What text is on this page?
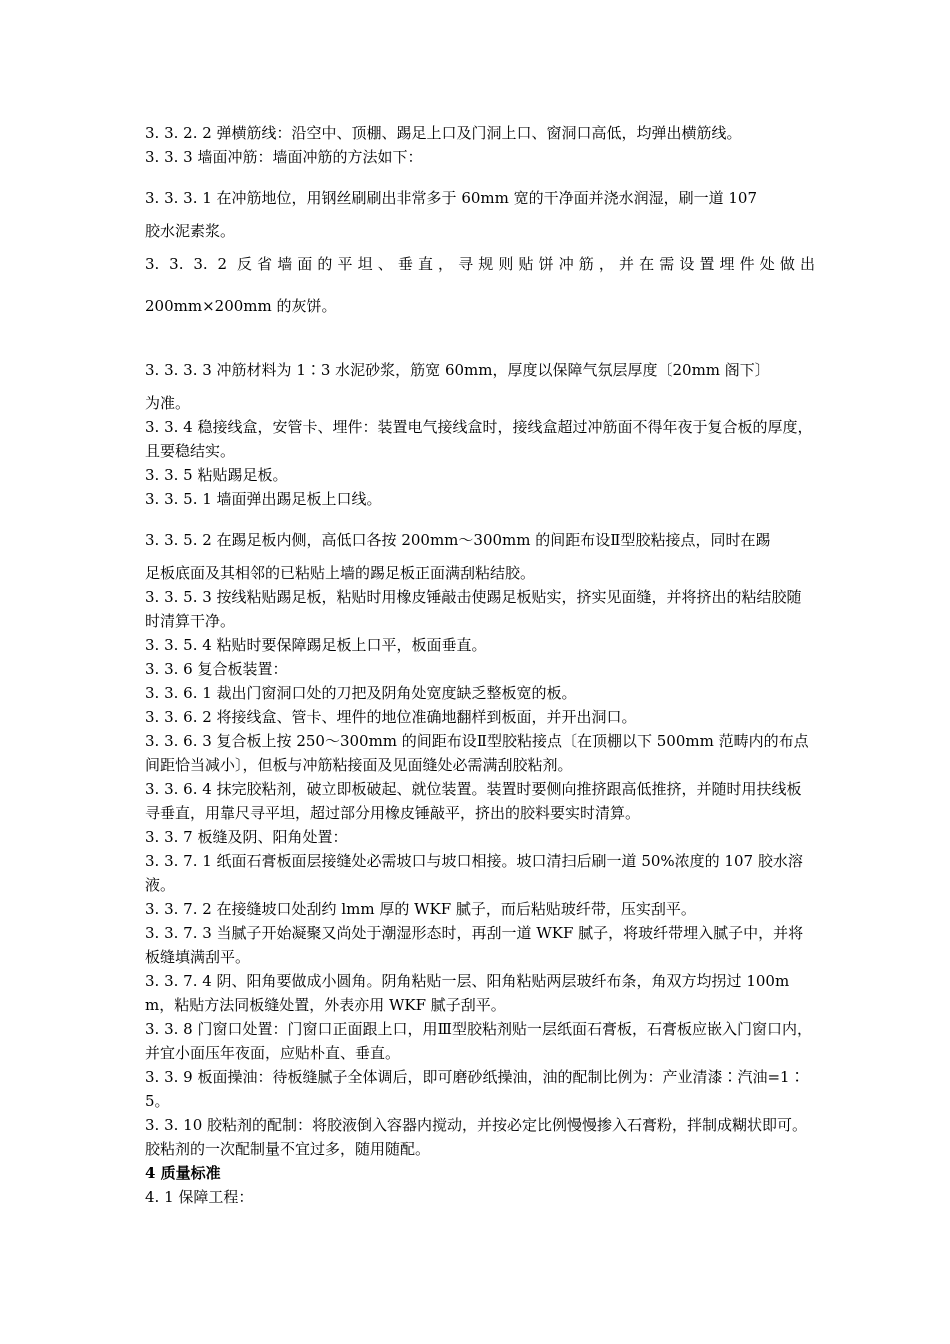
3. 3. 2. 2 弹横筋线：沿空中、顶棚、踢足上口及门洞上口、窗洞口高低，均弹出横筋线。

3. 3. 3 墙面冲筋：墙面冲筋的方法如下：

3. 3. 3. 1 在冲筋地位，用钢丝刷刷出非常多于 60mm 宽的干净面并浇水润湿，刷一道 107

胶水泥素浆。

3. 3. 3. 2 反省墙面的平坦、垂直，寻规则贴饼冲筋，并在需设置埋件处做出

200mm×200mm 的灰饼。

3. 3. 3. 3 冲筋材料为 1∶3 水泥砂浆，筋宽 60mm，厚度以保障气氛层厚度〔20mm 阁下〕

为准。

3. 3. 4 稳接线盒，安管卡、埋件：装置电气接线盒时，接线盒超过冲筋面不得年夜于复合板的厚度，且要稳结实。

3. 3. 5 粘贴踢足板。

3. 3. 5. 1 墙面弹出踢足板上口线。

3. 3. 5. 2 在踢足板内侧，高低口各按 200mm～300mm 的间距布设Ⅱ型胶粘接点，同时在踢

足板底面及其相邻的已粘贴上墙的踢足板正面满刮粘结胶。

3. 3. 5. 3 按线粘贴踢足板，粘贴时用橡皮锤敲击使踢足板贴实，挤实见面缝，并将挤出的粘结胶随时清算干净。

3. 3. 5. 4 粘贴时要保障踢足板上口平，板面垂直。

3. 3. 6 复合板装置：

3. 3. 6. 1 裁出门窗洞口处的刀把及阴角处宽度缺乏整板宽的板。

3. 3. 6. 2 将接线盒、管卡、埋件的地位准确地翻样到板面，并开出洞口。

3. 3. 6. 3 复合板上按 250～300mm 的间距布设Ⅱ型胶粘接点〔在顶棚以下 500mm 范畴内的布点间距恰当减小〕，但板与冲筋粘接面及见面缝处必需满刮胶粘剂。

3. 3. 6. 4 抹完胶粘剂，破立即板破起、就位装置。装置时要侧向推挤跟高低推挤，并随时用扶线板寻垂直，用靠尺寻平坦，超过部分用橡皮锤敲平，挤出的胶料要实时清算。

3. 3. 7 板缝及阴、阳角处置：

3. 3. 7. 1 纸面石膏板面层接缝处必需坡口与坡口相接。坡口清扫后刷一道 50%浓度的 107 胶水溶液。

3. 3. 7. 2 在接缝坡口处刮约 lmm 厚的 WKF 腻子，而后粘贴玻纤带，压实刮平。

3. 3. 7. 3 当腻子开始凝聚又尚处于潮湿形态时，再刮一道 WKF 腻子，将玻纤带埋入腻子中，并将板缝填满刮平。

3. 3. 7. 4 阴、阳角要做成小圆角。阴角粘贴一层、阳角粘贴两层玻纤布条，角双方均拐过 100mm，粘贴方法同板缝处置，外表亦用 WKF 腻子刮平。

3. 3. 8 门窗口处置：门窗口正面跟上口，用Ⅲ型胶粘剂贴一层纸面石膏板，石膏板应嵌入门窗口内，并宜小面压年夜面，应贴朴直、垂直。

3. 3. 9 板面操油：待板缝腻子全体调后，即可磨砂纸操油，油的配制比例为：产业清漆∶汽油=1∶5。

3. 3. 10 胶粘剂的配制：将胶液倒入容器内搅动，并按必定比例慢慢掺入石膏粉，拌制成糊状即可。胶粘剂的一次配制量不宜过多，随用随配。

4 质量标准

4. 1 保障工程：
